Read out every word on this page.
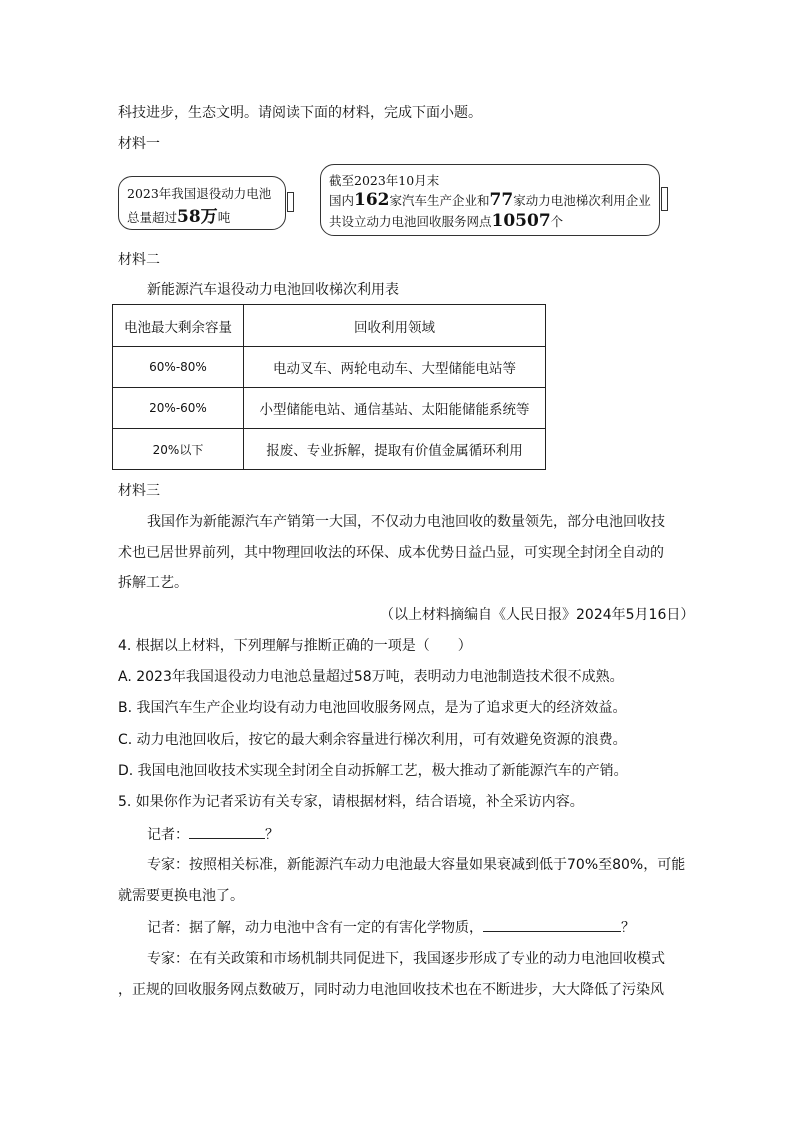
科技进步，生态文明。请阅读下面的材料，完成下面小题。
材料一
2023年我国退役动力电池
总量超过58万吨
截至2023年10月末
国内162家汽车生产企业和77家动力电池梯次利用企业
共设立动力电池回收服务网点10507个
材料二
新能源汽车退役动力电池回收梯次利用表
电池最大剩余容量	回收利用领域
60%-80%	电动叉车、两轮电动车、大型储能电站等
20%-60%	小型储能电站、通信基站、太阳能储能系统等
20%以下	报废、专业拆解，提取有价值金属循环利用
材料三
我国作为新能源汽车产销第一大国，不仅动力电池回收的数量领先，部分电池回收技
术也已居世界前列，其中物理回收法的环保、成本优势日益凸显，可实现全封闭全自动的
拆解工艺。
（以上材料摘编自《人民日报》2024年5月16日）
4. 根据以上材料，下列理解与推断正确的一项是（　　）
A. 2023年我国退役动力电池总量超过58万吨，表明动力电池制造技术很不成熟。
B. 我国汽车生产企业均设有动力电池回收服务网点，是为了追求更大的经济效益。
C. 动力电池回收后，按它的最大剩余容量进行梯次利用，可有效避免资源的浪费。
D. 我国电池回收技术实现全封闭全自动拆解工艺，极大推动了新能源汽车的产销。
5. 如果你作为记者采访有关专家，请根据材料，结合语境，补全采访内容。
记者：	？
专家：按照相关标准，新能源汽车动力电池最大容量如果衰减到低于70%至80%，可能
就需要更换电池了。
记者：据了解，动力电池中含有一定的有害化学物质，	？
专家：在有关政策和市场机制共同促进下，我国逐步形成了专业的动力电池回收模式
，正规的回收服务网点数破万，同时动力电池回收技术也在不断进步，大大降低了污染风
